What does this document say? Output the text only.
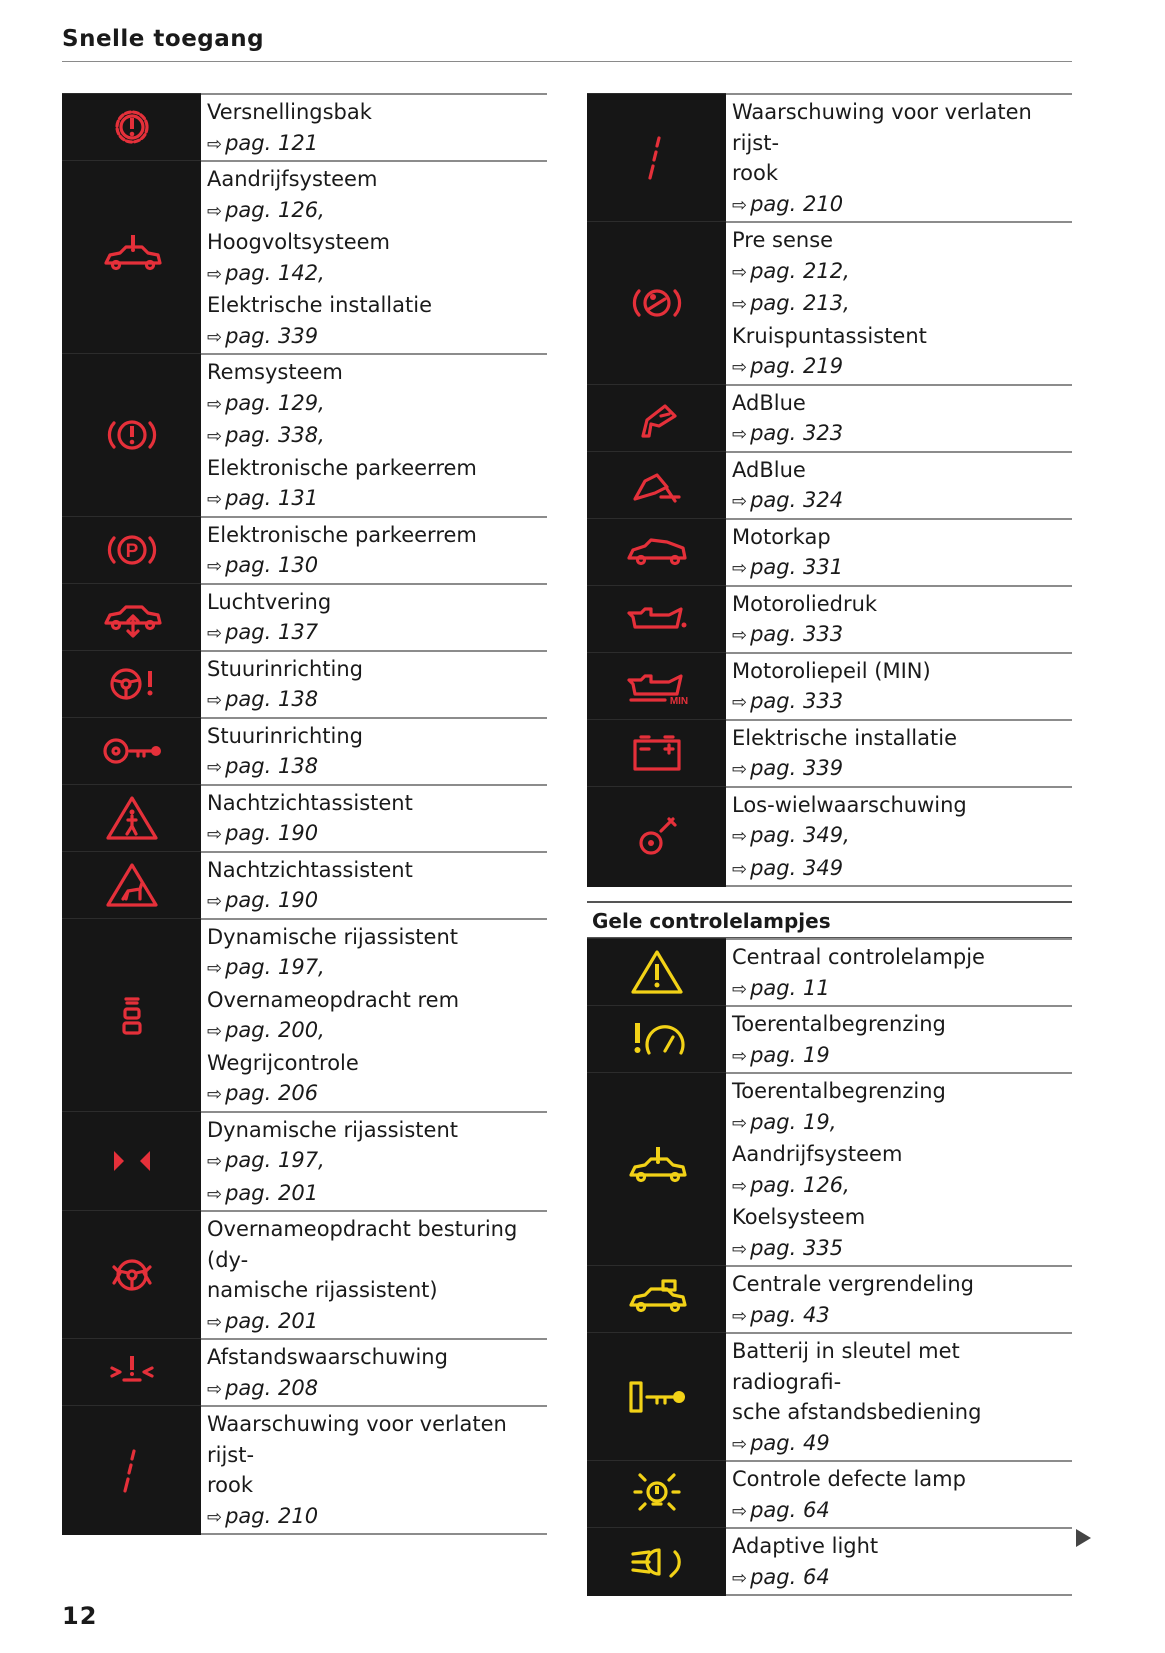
Snelle toegang
Versnellingsbak
⇨ pag. 121
Aandrijfsysteem
⇨ pag. 126,
Hoogvoltsysteem
⇨ pag. 142,
Elektrische installatie
⇨ pag. 339
Remsysteem
⇨ pag. 129,
⇨ pag. 338,
Elektronische parkeerrem
⇨ pag. 131
P
Elektronische parkeerrem
⇨ pag. 130
Luchtvering
⇨ pag. 137
Stuurinrichting
⇨ pag. 138
Stuurinrichting
⇨ pag. 138
Nachtzichtassistent
⇨ pag. 190
Nachtzichtassistent
⇨ pag. 190
Dynamische rijassistent
⇨ pag. 197,
Overnameopdracht rem
⇨ pag. 200,
Wegrijcontrole
⇨ pag. 206
Dynamische rijassistent
⇨ pag. 197,
⇨ pag. 201
Overnameopdracht besturing (dy-
namische rijassistent)
⇨ pag. 201
Afstandswaarschuwing
⇨ pag. 208
Waarschuwing voor verlaten rijst-
rook
⇨ pag. 210
Waarschuwing voor verlaten rijst-
rook
⇨ pag. 210
Pre sense
⇨ pag. 212,
⇨ pag. 213,
Kruispuntassistent
⇨ pag. 219
AdBlue
⇨ pag. 323
AdBlue
⇨ pag. 324
Motorkap
⇨ pag. 331
Motoroliedruk
⇨ pag. 333
MIN
Motoroliepeil (MIN)
⇨ pag. 333
Elektrische installatie
⇨ pag. 339
Los-wielwaarschuwing
⇨ pag. 349,
⇨ pag. 349
Gele controlelampjes
Centraal controlelampje
⇨ pag. 11
Toerentalbegrenzing
⇨ pag. 19
Toerentalbegrenzing
⇨ pag. 19,
Aandrijfsysteem
⇨ pag. 126,
Koelsysteem
⇨ pag. 335
Centrale vergrendeling
⇨ pag. 43
Batterij in sleutel met radiografi-
sche afstandsbediening
⇨ pag. 49
Controle defecte lamp
⇨ pag. 64
Adaptive light
⇨ pag. 64
12
